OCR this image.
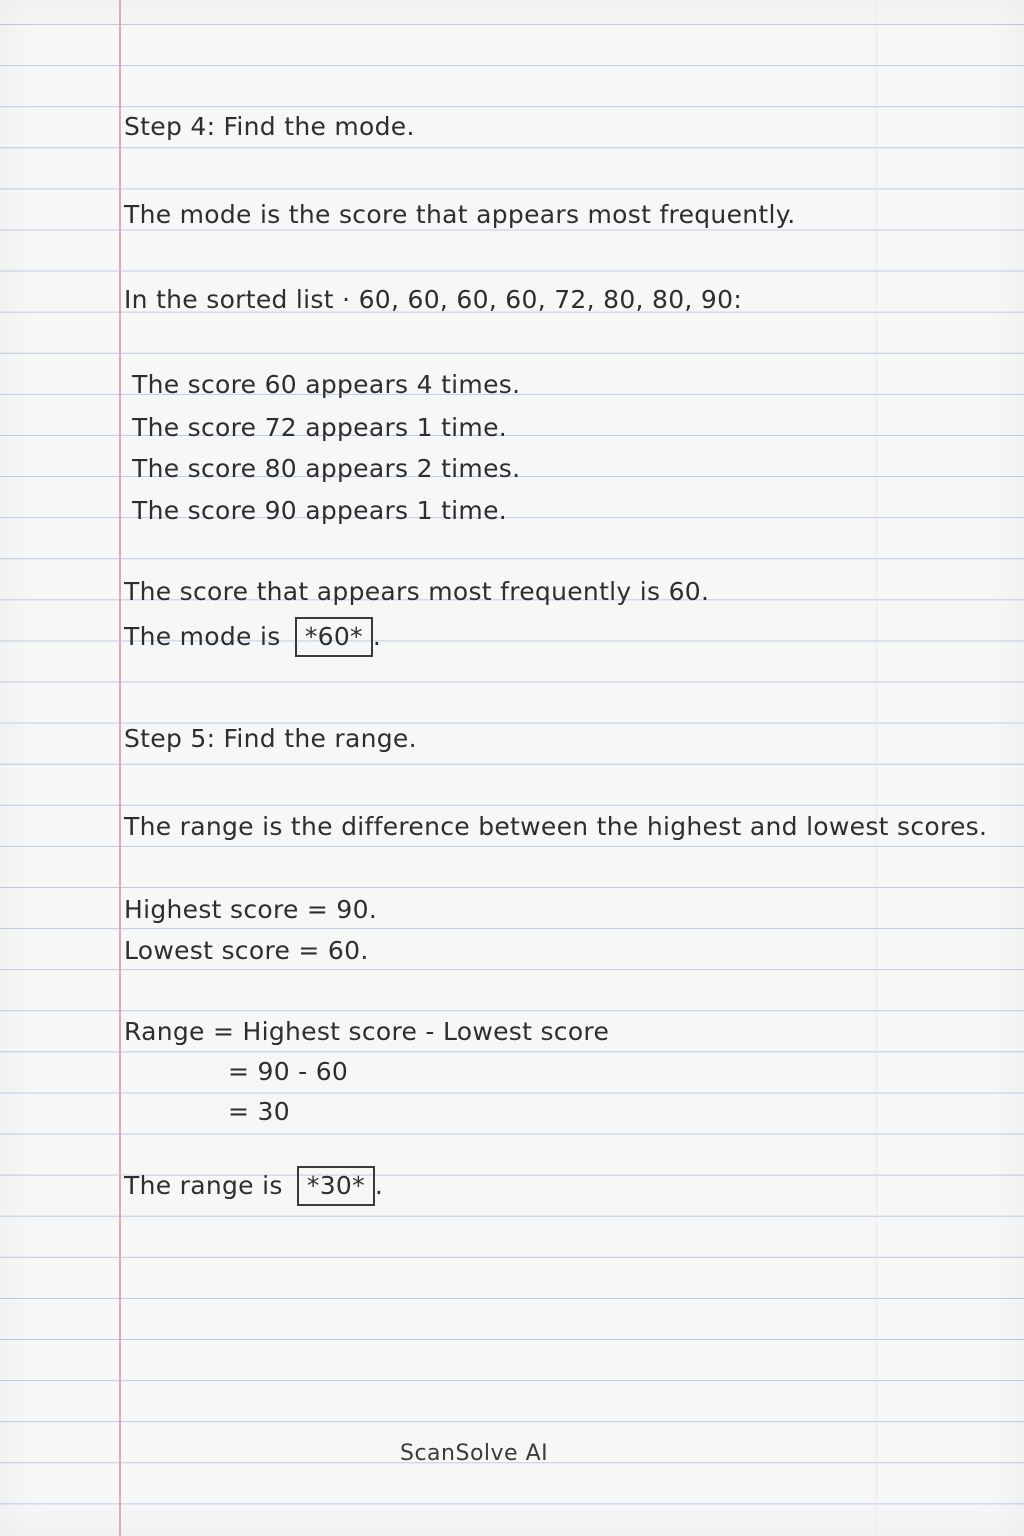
Step 4: Find the mode.
The mode is the score that appears most frequently.
In the sorted list · 60, 60, 60, 60, 72, 80, 80, 90:
The score 60 appears 4 times.
The score 72 appears 1 time.
The score 80 appears 2 times.
The score 90 appears 1 time.
The score that appears most frequently is 60.
The mode is *60* .
Step 5: Find the range.
The range is the difference between the highest and lowest scores.
Highest score = 90.
Lowest score = 60.
Range = Highest score - Lowest score
= 90 - 60
= 30
The range is *30* .
ScanSolve AI
